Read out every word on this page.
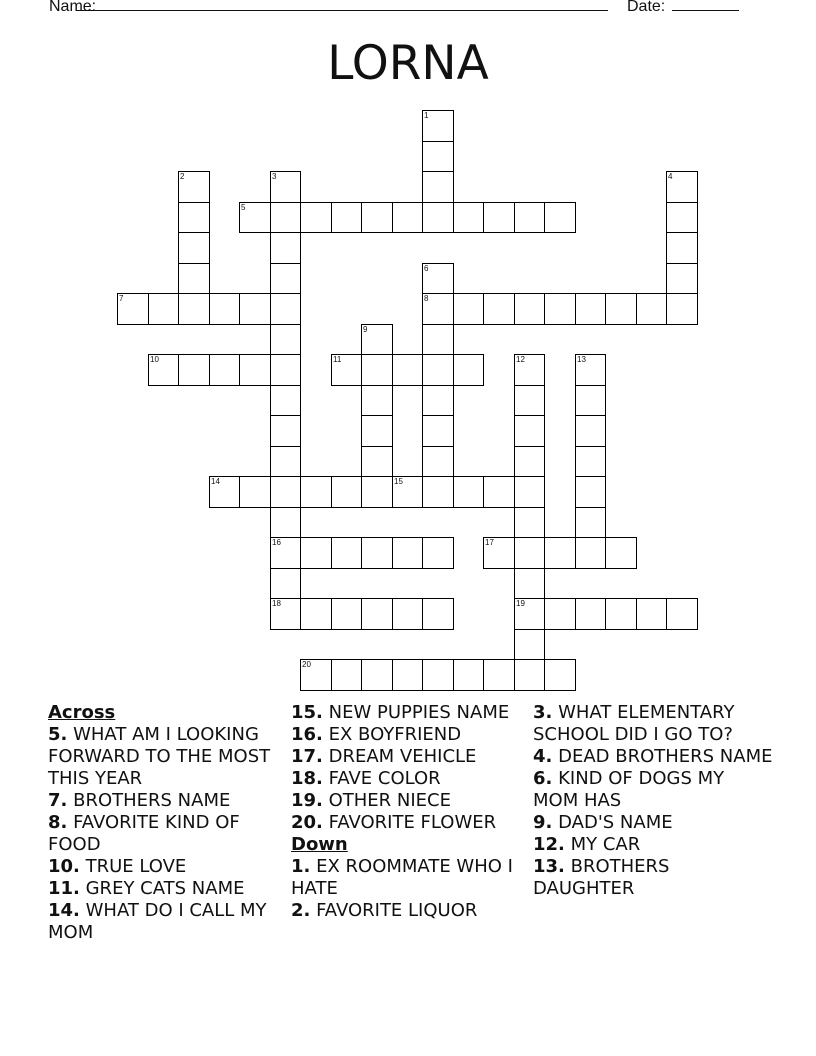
Name:	Date:
LORNA
1
2	3
16
18
4
5
6
8
7
9
10	11	12
19
13
14	15
17
20
Across
5. WHAT AM I LOOKING FORWARD TO THE MOST THIS YEAR
7. BROTHERS NAME
8. FAVORITE KIND OF FOOD
10. TRUE LOVE
11. GREY CATS NAME
14. WHAT DO I CALL MY MOM
15. NEW PUPPIES NAME
16. EX BOYFRIEND
17. DREAM VEHICLE
18. FAVE COLOR
19. OTHER NIECE
20. FAVORITE FLOWER
Down
1. EX ROOMMATE WHO I HATE
2. FAVORITE LIQUOR
3. WHAT ELEMENTARY SCHOOL DID I GO TO?
4. DEAD BROTHERS NAME
6. KIND OF DOGS MY MOM HAS
9. DAD'S NAME
12. MY CAR
13. BROTHERS DAUGHTER
